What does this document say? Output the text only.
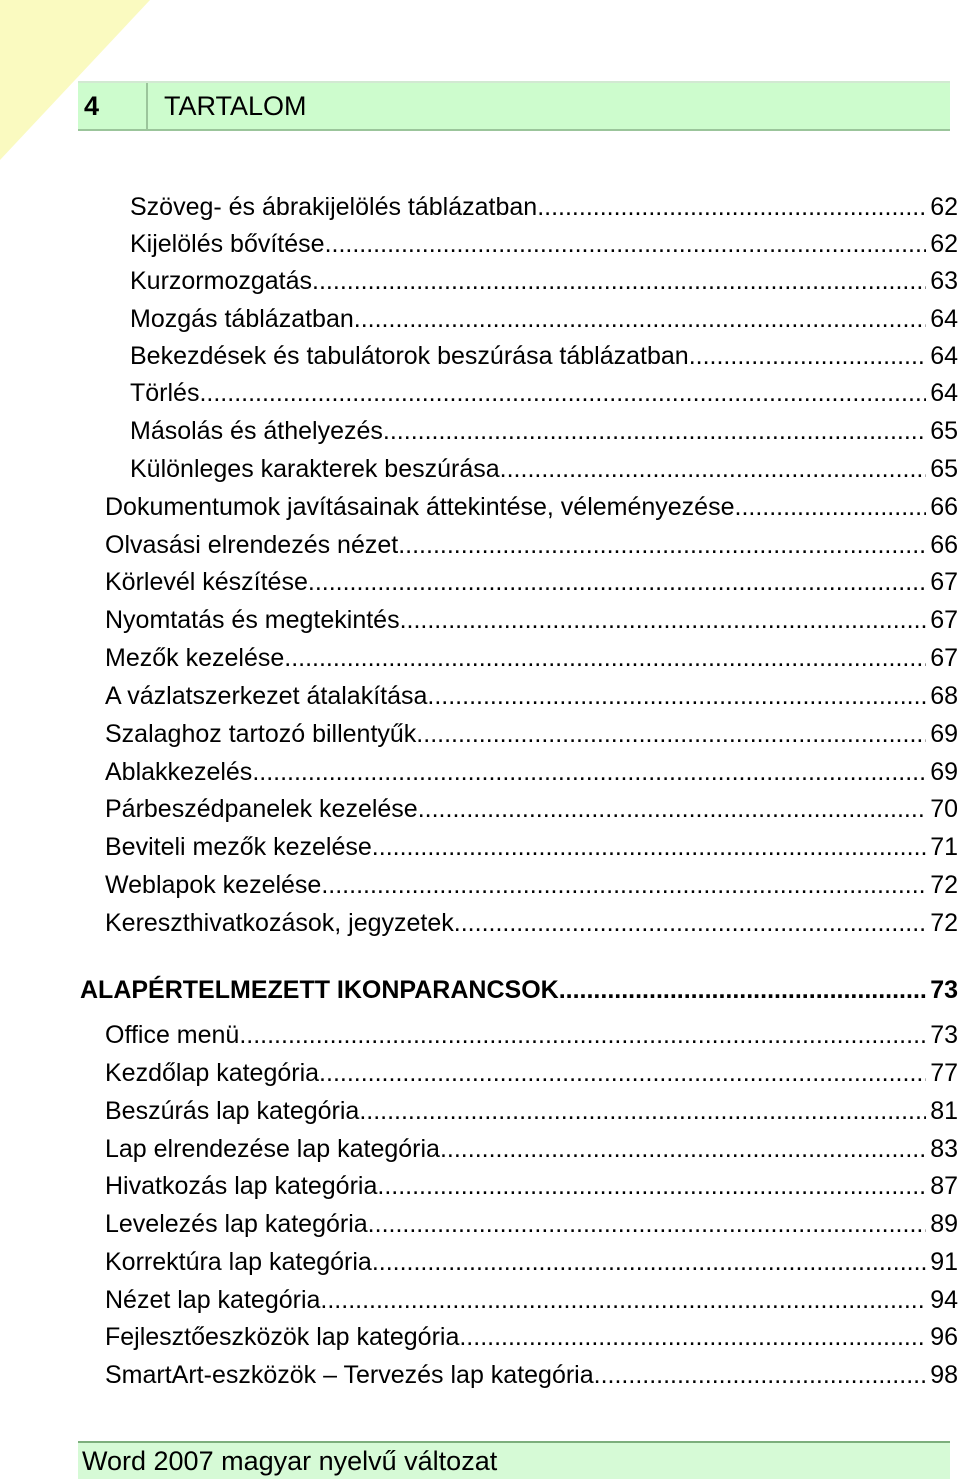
4	TARTALOM
Szöveg- és ábrakijelölés táblázatban .....	62
Kijelölés bővítése .....	62
Kurzormozgatás .....	63
Mozgás táblázatban .....	64
Bekezdések és tabulátorok beszúrása táblázatban .....	64
Törlés .....	64
Másolás és áthelyezés .....	65
Különleges karakterek beszúrása .....	65
Dokumentumok javításainak áttekintése, véleményezése .....	66
Olvasási elrendezés nézet .....	66
Körlevél készítése .....	67
Nyomtatás és megtekintés .....	67
Mezők kezelése .....	67
A vázlatszerkezet átalakítása .....	68
Szalaghoz tartozó billentyűk .....	69
Ablakkezelés .....	69
Párbeszédpanelek kezelése .....	70
Beviteli mezők kezelése .....	71
Weblapok kezelése .....	72
Kereszthivatkozások, jegyzetek .....	72
ALAPÉRTELMEZETT IKONPARANCSOK .....	73
Office menü .....	73
Kezdőlap kategória .....	77
Beszúrás lap kategória .....	81
Lap elrendezése lap kategória .....	83
Hivatkozás lap kategória .....	87
Levelezés lap kategória .....	89
Korrektúra lap kategória .....	91
Nézet lap kategória .....	94
Fejlesztőeszközök lap kategória .....	96
SmartArt-eszközök – Tervezés lap kategória .....	98
Word 2007 magyar nyelvű változat
